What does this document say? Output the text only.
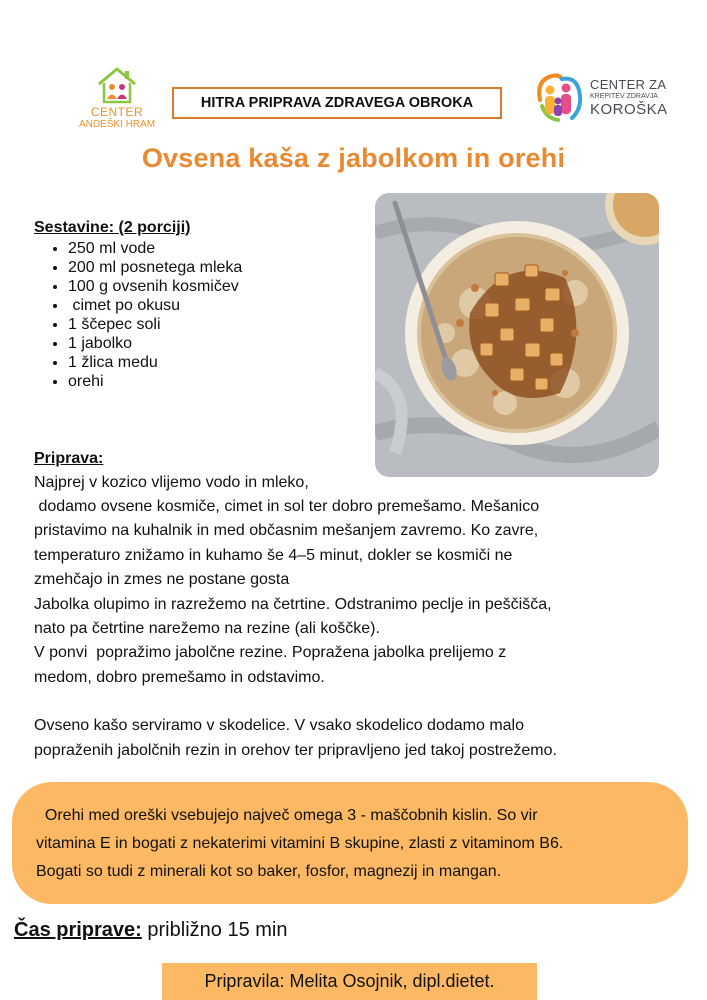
CENTER
ANDEŠKI HRAM
HITRA PRIPRAVA ZDRAVEGA OBROKA
CENTER ZA
KREPITEV ZDRAVJA
KOROŠKA
Ovsena kaša z jabolkom in orehi
Sestavine: (2 porciji)
• 250 ml vode
• 200 ml posnetega mleka
• 100 g ovsenih kosmičev
•  cimet po okusu
• 1 ščepec soli
• 1 jabolko
• 1 žlica medu
• orehi
Priprava:
Najprej v kozico vlijemo vodo in mleko,

dodamo ovsene kosmiče, cimet in sol ter dobro premešamo. Mešanico

pristavimo na kuhalnik in med občasnim mešanjem zavremo. Ko zavre,

temperaturo znižamo in kuhamo še 4–5 minut, dokler se kosmiči ne

zmehčajo in zmes ne postane gosta

Jabolka olupimo in razrežemo na četrtine. Odstranimo peclje in peščišča,

nato pa četrtine narežemo na rezine (ali koščke).

V ponvi  popražimo jabolčne rezine. Popražena jabolka prelijemo z

medom, dobro premešamo in odstavimo.

Ovseno kašo serviramo v skodelice. V vsako skodelico dodamo malo

popraženih jabolčnih rezin in orehov ter pripravljeno jed takoj postrežemo.

Orehi med oreški vsebujejo največ omega 3 - maščobnih kislin. So vir
vitamina E in bogati z nekaterimi vitamini B skupine, zlasti z vitaminom B6.
Bogati so tudi z minerali kot so baker, fosfor, magnezij in mangan.
Čas priprave: približno 15 min
Pripravila: Melita Osojnik, dipl.dietet.
